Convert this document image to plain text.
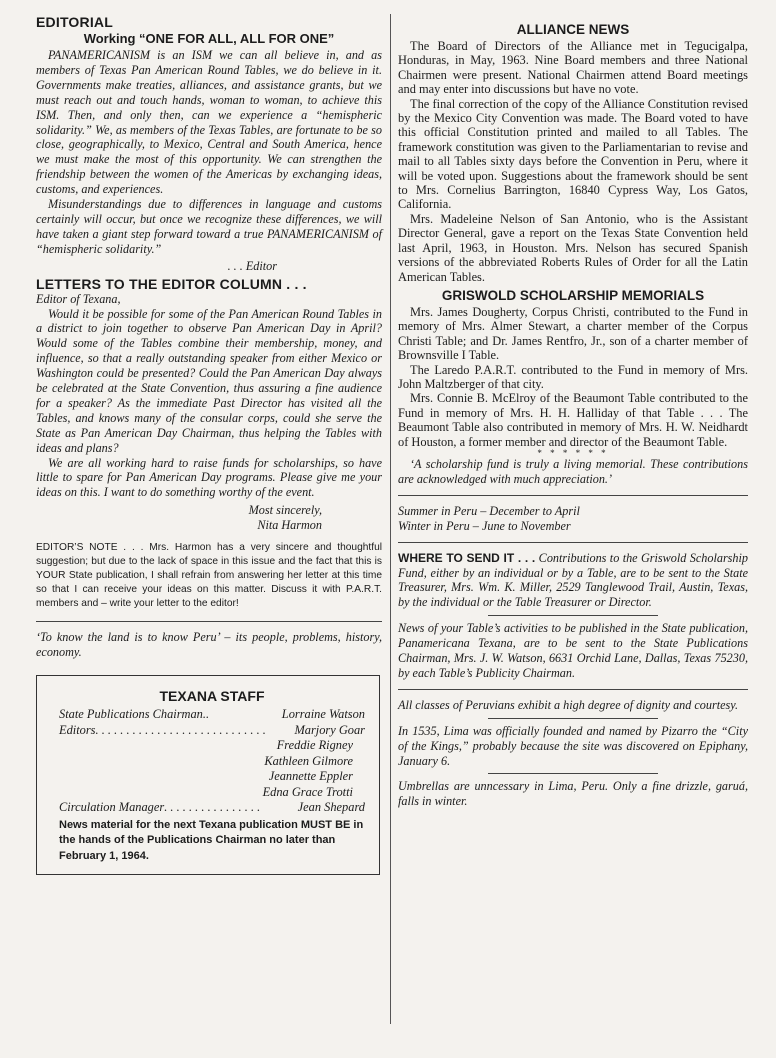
EDITORIAL
Working “ONE FOR ALL, ALL FOR ONE”

PANAMERICANISM is an ISM we can all believe in, and as members of Texas Pan American Round Tables, we do believe in it. Governments make treaties, alliances, and assistance grants, but we must reach out and touch hands, woman to woman, to achieve this ISM. Then, and only then, can we experience a “hemispheric solidarity.” We, as members of the Texas Tables, are fortunate to be so close, geographically, to Mexico, Central and South America, hence we must make the most of this opportunity. We can strengthen the friendship between the women of the Americas by exchanging ideas, customs, and experiences.

Misunderstandings due to differences in language and customs certainly will occur, but once we recognize these differences, we will have taken a giant step forward toward a true PANAMERICANISM of “hemispheric solidarity.”

. . . Editor

LETTERS TO THE EDITOR COLUMN . . .

Editor of Texana,

Would it be possible for some of the Pan American Round Tables in a district to join together to observe Pan American Day in April? Would some of the Tables combine their membership, money, and influence, so that a really outstanding speaker from either Mexico or Washington could be presented? Could the Pan American Day always be celebrated at the State Convention, thus assuring a fine audience for a speaker? As the immediate Past Director has visited all the Tables, and knows many of the consular corps, could she serve the State as Pan American Day Chairman, thus helping the Tables with ideas and plans?

We are all working hard to raise funds for scholarships, so have little to spare for Pan American Day programs. Please give me your ideas on this. I want to do something worthy of the event.

Most sincerely,

Nita Harmon

EDITOR’S NOTE . . . Mrs. Harmon has a very sincere and thoughtful suggestion; but due to the lack of space in this issue and the fact that this is YOUR State publication, I shall refrain from answering her letter at this time so that I can receive your ideas on this matter. Discuss it with P.A.R.T. members and – write your letter to the editor!

‘To know the land is to know Peru’ – its people, problems, history, economy.

TEXANA STAFF
State Publications Chairman. .	Lorraine Watson
Editors . . . . . . . . . . . . . . . . . . . . . . . . . . . .	Marjory Goar
Freddie Rigney
Kathleen Gilmore
Jeannette Eppler
Edna Grace Trotti
Circulation Manager . . . . . . . . . . . . . . . .	Jean Shepard

News material for the next Texana publication MUST BE in the hands of the Publications Chairman no later than February 1, 1964.

ALLIANCE NEWS

The Board of Directors of the Alliance met in Tegucigalpa, Honduras, in May, 1963. Nine Board members and three National Chairmen were present. National Chairmen attend Board meetings and may enter into discussions but have no vote.

The final correction of the copy of the Alliance Constitution revised by the Mexico City Convention was made. The Board voted to have this official Constitution printed and mailed to all Tables. The framework constitution was given to the Parliamentarian to revise and mail to all Tables sixty days before the Convention in Peru, where it will be voted upon. Suggestions about the framework should be sent to Mrs. Cornelius Barrington, 16840 Cypress Way, Los Gatos, California.

Mrs. Madeleine Nelson of San Antonio, who is the Assistant Director General, gave a report on the Texas State Convention held last April, 1963, in Houston. Mrs. Nelson has secured Spanish versions of the abbreviated Roberts Rules of Order for all the Latin American Tables.

GRISWOLD SCHOLARSHIP MEMORIALS

Mrs. James Dougherty, Corpus Christi, contributed to the Fund in memory of Mrs. Almer Stewart, a charter member of the Corpus Christi Table; and Dr. James Rentfro, Jr., son of a charter member of Brownsville I Table.

The Laredo P.A.R.T. contributed to the Fund in memory of Mrs. John Maltzberger of that city.

Mrs. Connie B. McElroy of the Beaumont Table contributed to the Fund in memory of Mrs. H. H. Halliday of that Table . . . The Beaumont Table also contributed in memory of Mrs. H. W. Neidhardt of Houston, a former member and director of the Beaumont Table.

* * * * * *

‘A scholarship fund is truly a living memorial. These contributions are acknowledged with much appreciation.’

Summer in Peru – December to April

Winter in Peru – June to November

WHERE TO SEND IT . . . Contributions to the Griswold Scholarship Fund, either by an individual or by a Table, are to be sent to the State Treasurer, Mrs. Wm. K. Miller, 2529 Tanglewood Trail, Austin, Texas, by the individual or the Table Treasurer or Director.

News of your Table’s activities to be published in the State publication, Panamericana Texana, are to be sent to the State Publications Chairman, Mrs. J. W. Watson, 6631 Orchid Lane, Dallas, Texas 75230, by each Table’s Publicity Chairman.

All classes of Peruvians exhibit a high degree of dignity and courtesy.

In 1535, Lima was officially founded and named by Pizarro the “City of the Kings,” probably because the site was discovered on Epiphany, January 6.

Umbrellas are unncessary in Lima, Peru. Only a fine drizzle, garuá, falls in winter.
